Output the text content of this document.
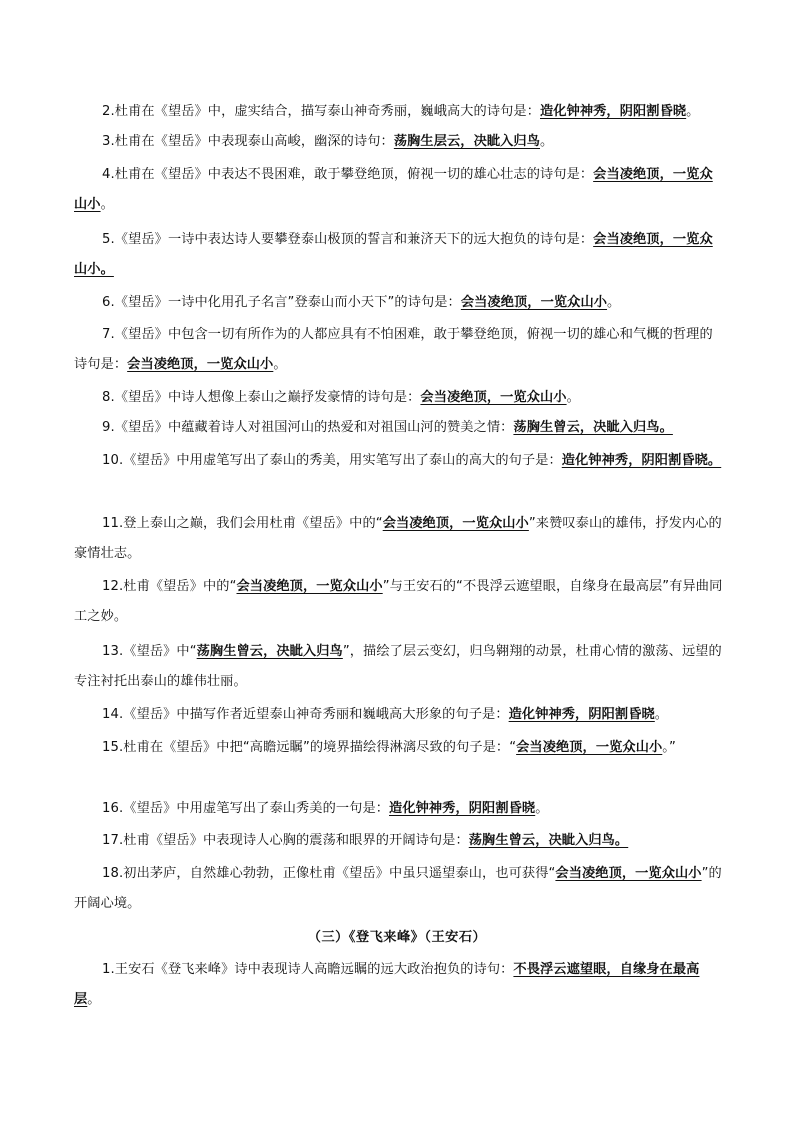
2.杜甫在《望岳》中，虚实结合，描写泰山神奇秀丽，巍峨高大的诗句是：造化钟神秀，阴阳割昏晓。

3.杜甫在《望岳》中表现泰山高峻，幽深的诗句：荡胸生层云，决眦入归鸟。

4.杜甫在《望岳》中表达不畏困难，敢于攀登绝顶，俯视一切的雄心壮志的诗句是：会当凌绝顶，一览众山小。

5.《望岳》一诗中表达诗人要攀登泰山极顶的誓言和兼济天下的远大抱负的诗句是：会当凌绝顶，一览众山小。

6.《望岳》一诗中化用孔子名言”登泰山而小天下”的诗句是：会当凌绝顶，一览众山小。

7.《望岳》中包含一切有所作为的人都应具有不怕困难，敢于攀登绝顶，俯视一切的雄心和气概的哲理的诗句是：会当凌绝顶，一览众山小。

8.《望岳》中诗人想像上泰山之巅抒发豪情的诗句是：会当凌绝顶，一览众山小。

9.《望岳》中蕴藏着诗人对祖国河山的热爱和对祖国山河的赞美之情：荡胸生曾云，决眦入归鸟。

10.《望岳》中用虚笔写出了泰山的秀美，用实笔写出了泰山的高大的句子是：造化钟神秀，阴阳割昏晓。

11.登上泰山之巅，我们会用杜甫《望岳》中的“会当凌绝顶，一览众山小”来赞叹泰山的雄伟，抒发内心的豪情壮志。

12.杜甫《望岳》中的“会当凌绝顶，一览众山小”与王安石的“不畏浮云遮望眼，自缘身在最高层”有异曲同工之妙。

13.《望岳》中“荡胸生曾云，决眦入归鸟”，描绘了层云变幻，归鸟翱翔的动景，杜甫心情的激荡、远望的专注衬托出泰山的雄伟壮丽。

14.《望岳》中描写作者近望泰山神奇秀丽和巍峨高大形象的句子是：造化钟神秀，阴阳割昏晓。

15.杜甫在《望岳》中把“高瞻远瞩”的境界描绘得淋漓尽致的句子是：“会当凌绝顶，一览众山小。”

16.《望岳》中用虚笔写出了泰山秀美的一句是：造化钟神秀，阴阳割昏晓。

17.杜甫《望岳》中表现诗人心胸的震荡和眼界的开阔诗句是：荡胸生曾云，决眦入归鸟。

18.初出茅庐，自然雄心勃勃，正像杜甫《望岳》中虽只遥望泰山，也可获得“会当凌绝顶，一览众山小”的开阔心境。

（三）《登飞来峰》（王安石）

1.王安石《登飞来峰》诗中表现诗人高瞻远瞩的远大政治抱负的诗句：不畏浮云遮望眼，自缘身在最高层。
